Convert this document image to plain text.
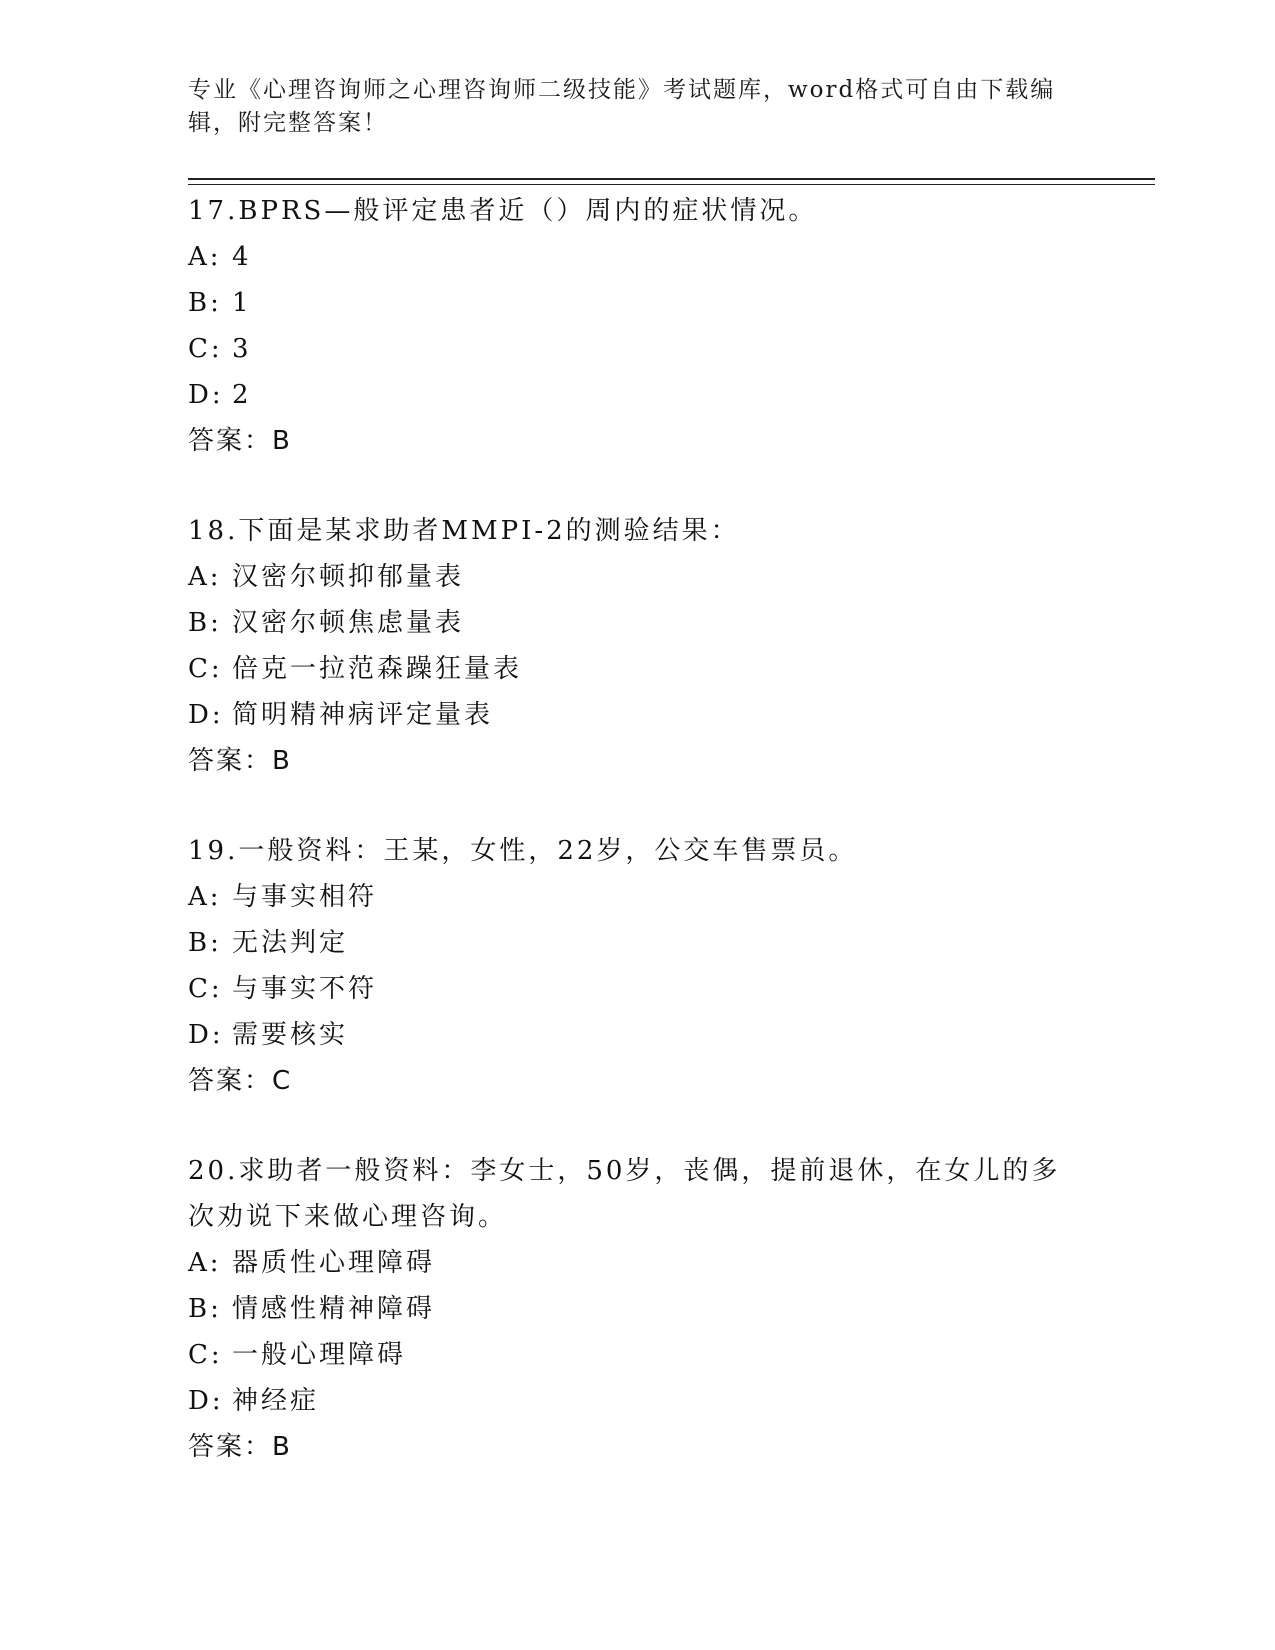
专业《心理咨询师之心理咨询师二级技能》考试题库，word格式可自由下载编辑，附完整答案！

17.BPRS—般评定患者近（）周内的症状情况。

A: 4

B: 1

C: 3

D: 2

答案：B

18.下面是某求助者MMPI-2的测验结果：

A: 汉密尔顿抑郁量表

B: 汉密尔顿焦虑量表

C: 倍克一拉范森躁狂量表

D: 简明精神病评定量表

答案：B

19.一般资料：王某，女性，22岁，公交车售票员。

A: 与事实相符

B: 无法判定

C: 与事实不符

D: 需要核实

答案：C

20.求助者一般资料：李女士，50岁，丧偶，提前退休，在女儿的多次劝说下来做心理咨询。

A: 器质性心理障碍

B: 情感性精神障碍

C: 一般心理障碍

D: 神经症

答案：B
